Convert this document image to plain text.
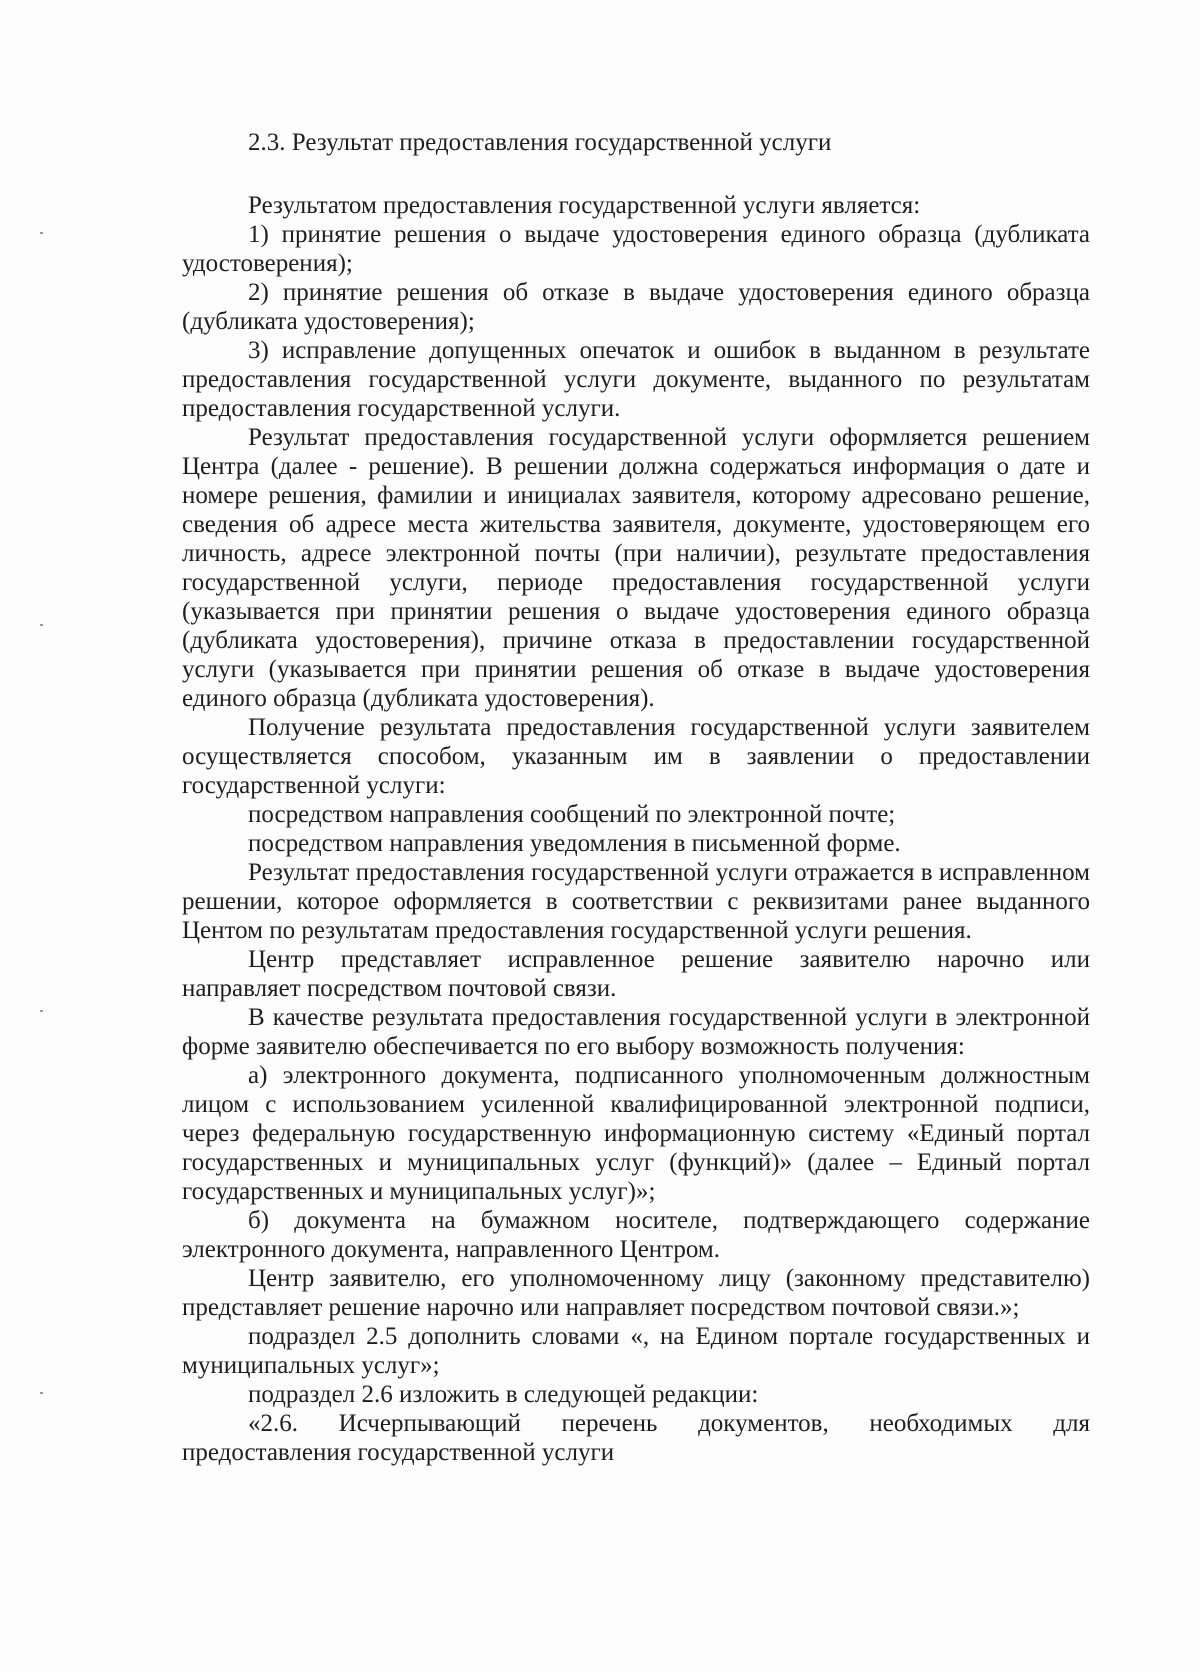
2.3. Результат предоставления государственной услуги

Результатом предоставления государственной услуги является:

1) принятие решения о выдаче удостоверения единого образца (дубликата удостоверения);

2) принятие решения об отказе в выдаче удостоверения единого образца (дубликата удостоверения);

3) исправление допущенных опечаток и ошибок в выданном в результате предоставления государственной услуги документе, выданного по результатам предоставления государственной услуги.

Результат предоставления государственной услуги оформляется решением Центра (далее - решение). В решении должна содержаться информация о дате и номере решения, фамилии и инициалах заявителя, которому адресовано решение, сведения об адресе места жительства заявителя, документе, удостоверяющем его личность, адресе электронной почты (при наличии), результате предоставления государственной услуги, периоде предоставления государственной услуги (указывается при принятии решения о выдаче удостоверения единого образца (дубликата удостоверения), причине отказа в предоставлении государственной услуги (указывается при принятии решения об отказе в выдаче удостоверения единого образца (дубликата удостоверения).

Получение результата предоставления государственной услуги заявителем осуществляется способом, указанным им в заявлении о предоставлении государственной услуги:

посредством направления сообщений по электронной почте;

посредством направления уведомления в письменной форме.

Результат предоставления государственной услуги отражается в исправленном решении, которое оформляется в соответствии с реквизитами ранее выданного Центом по результатам предоставления государственной услуги решения.

Центр представляет исправленное решение заявителю нарочно или направляет посредством почтовой связи.

В качестве результата предоставления государственной услуги в электронной форме заявителю обеспечивается по его выбору возможность получения:

а) электронного документа, подписанного уполномоченным должностным лицом с использованием усиленной квалифицированной электронной подписи, через федеральную государственную информационную систему «Единый портал государственных и муниципальных услуг (функций)» (далее – Единый портал государственных и муниципальных услуг)»;

б) документа на бумажном носителе, подтверждающего содержание электронного документа, направленного Центром.

Центр заявителю, его уполномоченному лицу (законному представителю) представляет решение нарочно или направляет посредством почтовой связи.»;

подраздел 2.5 дополнить словами «, на Едином портале государственных и муниципальных услуг»;

подраздел 2.6 изложить в следующей редакции:

«2.6. Исчерпывающий перечень документов, необходимых для предоставления государственной услуги
